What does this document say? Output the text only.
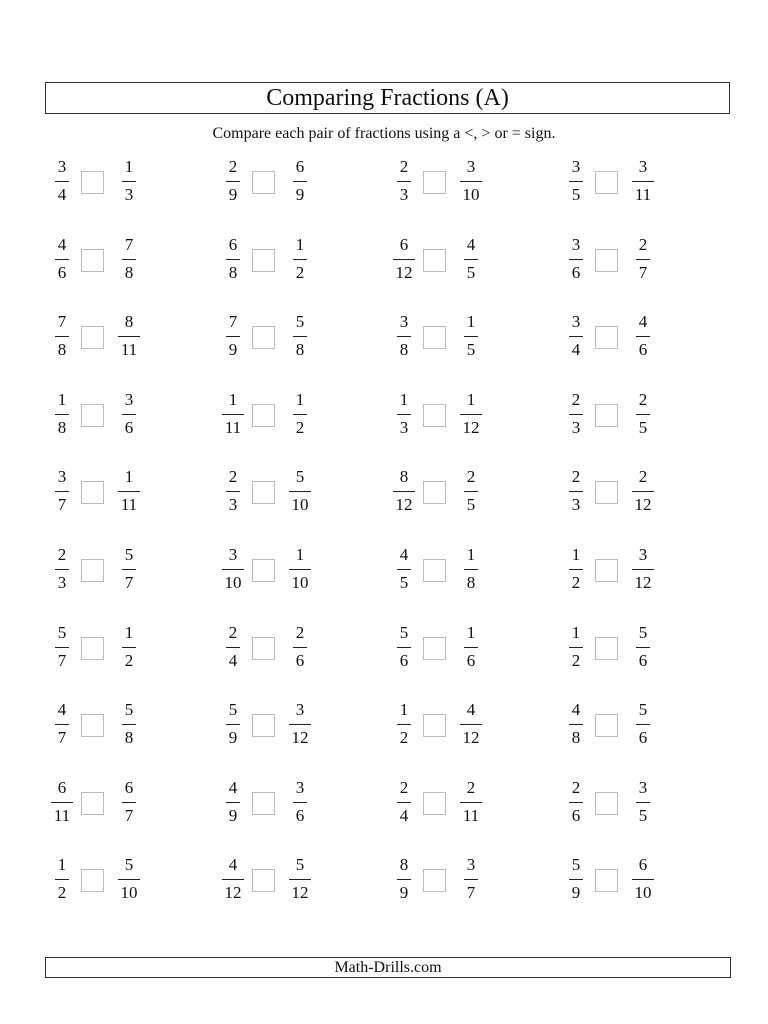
Comparing Fractions (A)
Compare each pair of fractions using a <, > or = sign.
3
4
1
3
2
9
6
9
2
3
3
10
3
5
3
11
4
6
7
8
6
8
1
2
6
12
4
5
3
6
2
7
7
8
8
11
7
9
5
8
3
8
1
5
3
4
4
6
1
8
3
6
1
11
1
2
1
3
1
12
2
3
2
5
3
7
1
11
2
3
5
10
8
12
2
5
2
3
2
12
2
3
5
7
3
10
1
10
4
5
1
8
1
2
3
12
5
7
1
2
2
4
2
6
5
6
1
6
1
2
5
6
4
7
5
8
5
9
3
12
1
2
4
12
4
8
5
6
6
11
6
7
4
9
3
6
2
4
2
11
2
6
3
5
1
2
5
10
4
12
5
12
8
9
3
7
5
9
6
10
Math-Drills.com
